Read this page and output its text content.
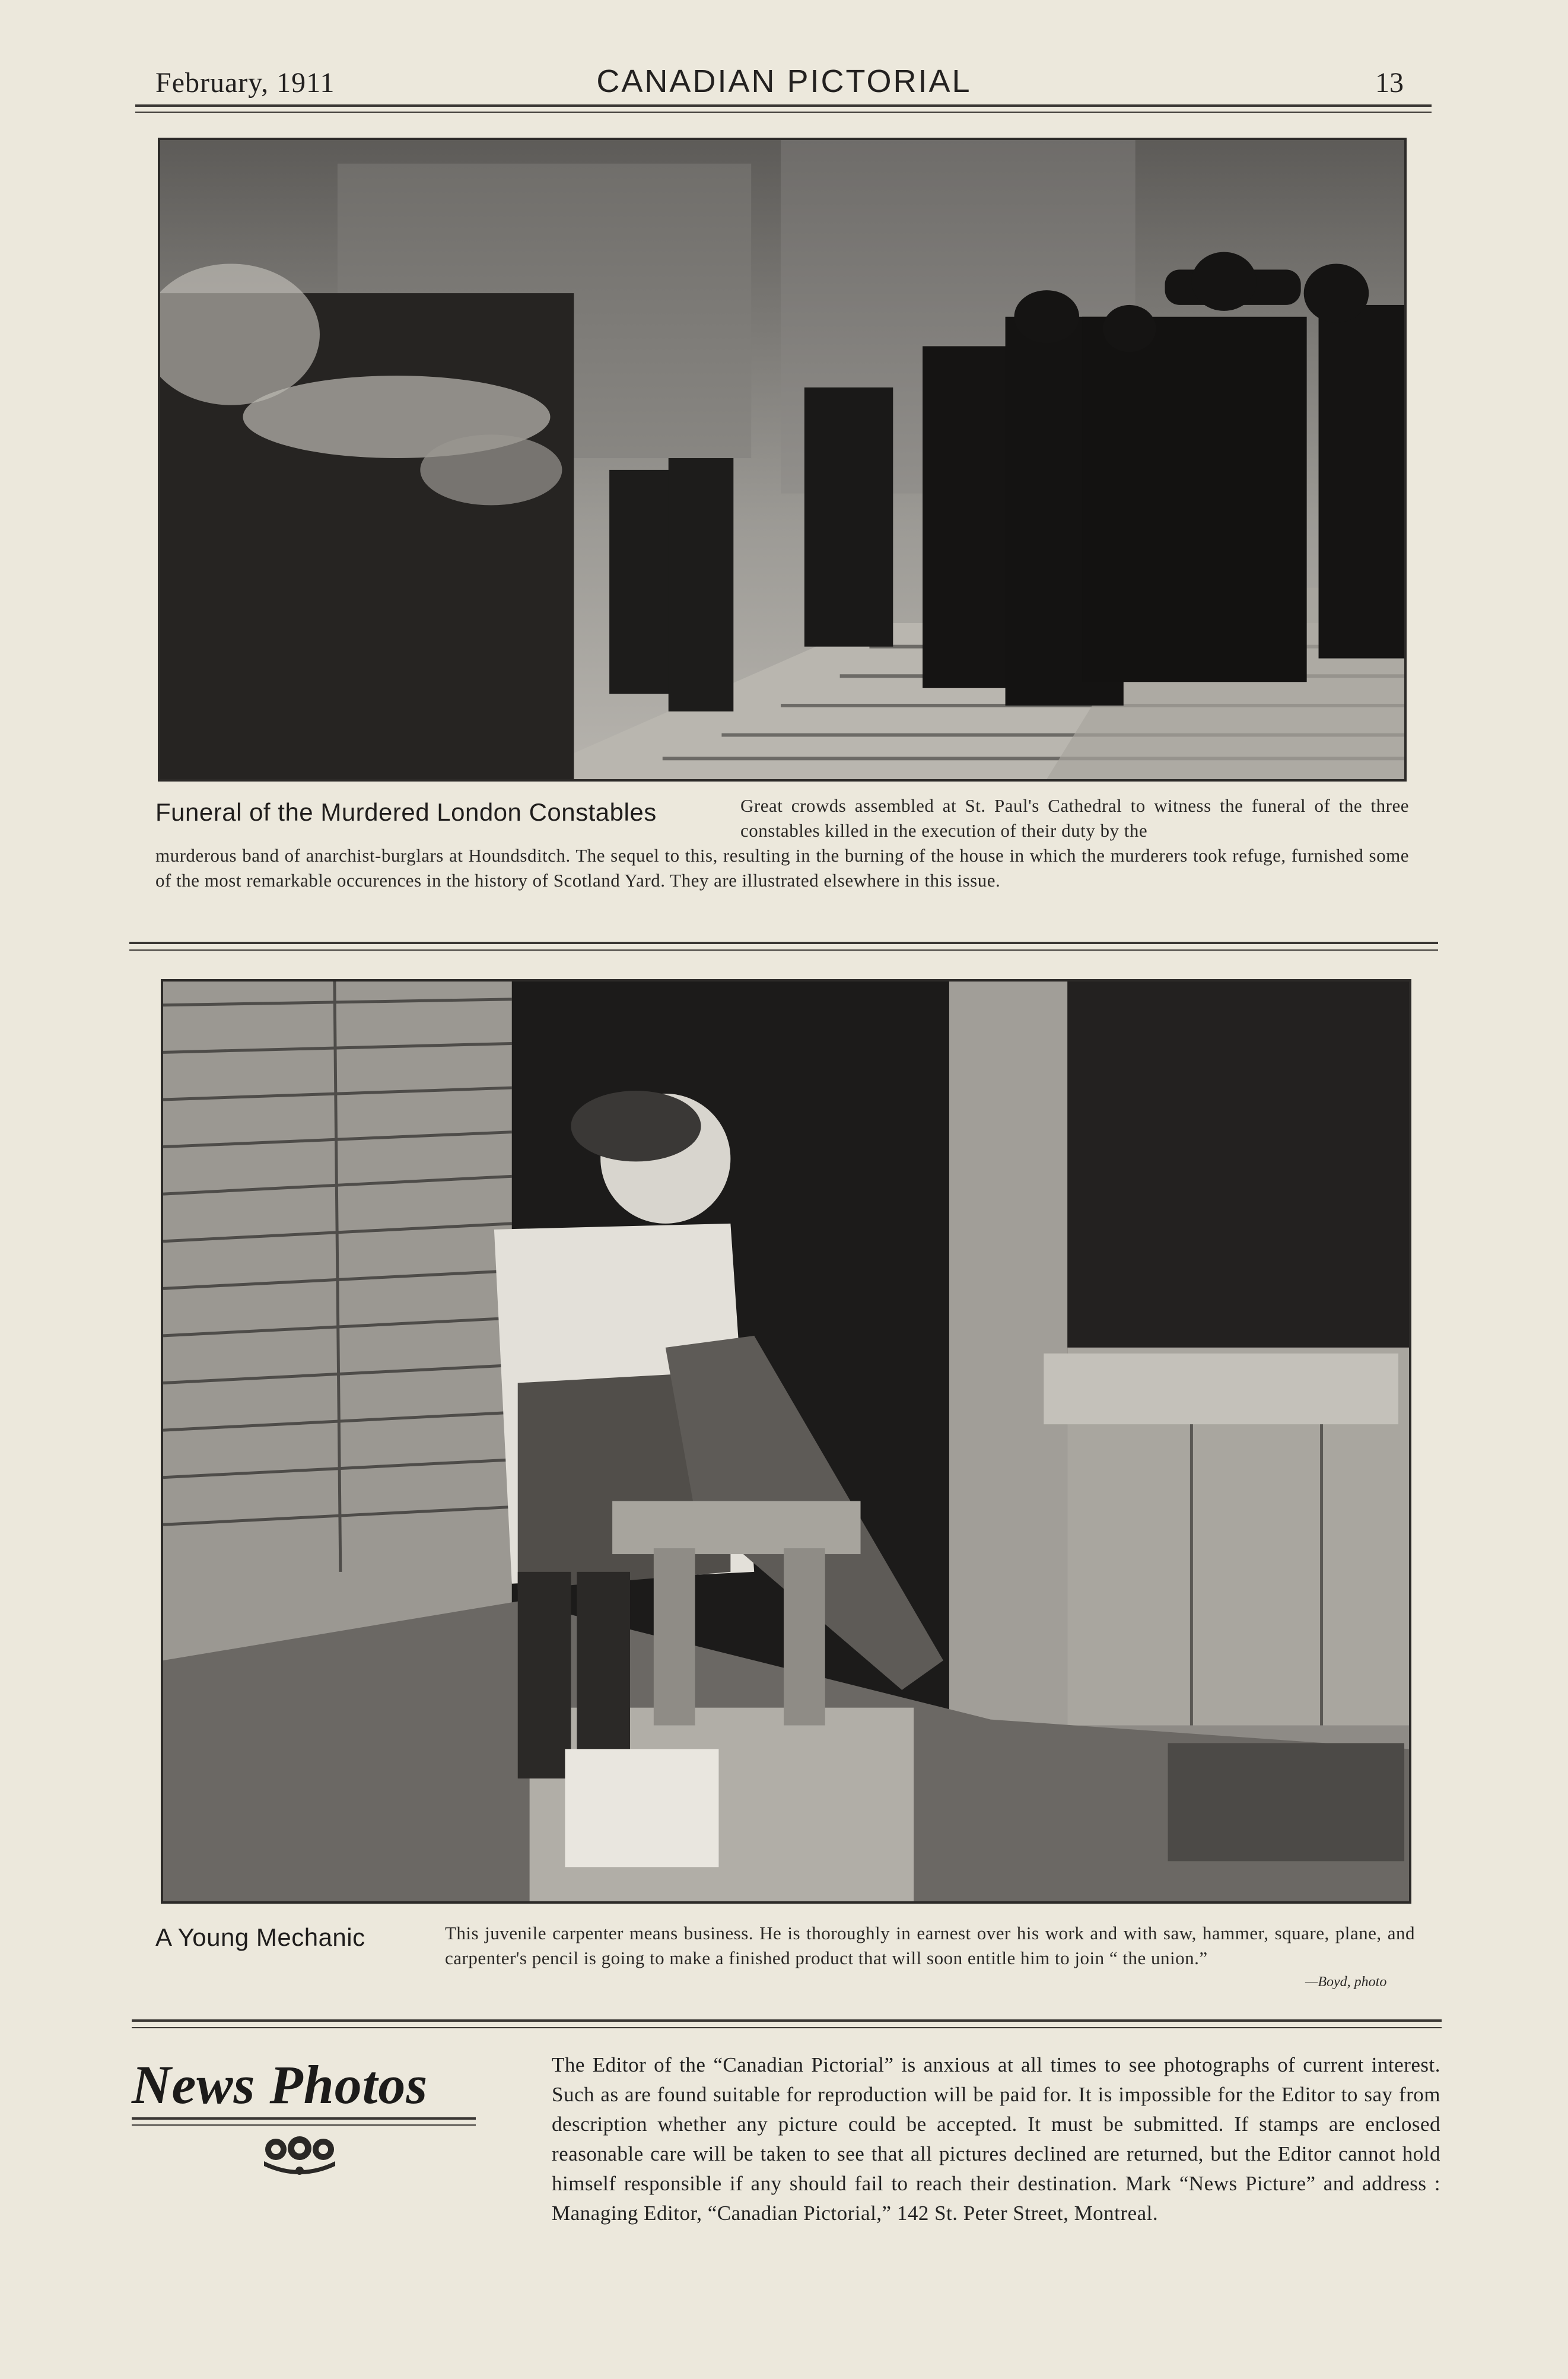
February, 1911	CANADIAN PICTORIAL	13
Funeral of the Murdered London Constables	Great crowds assembled at St. Paul's Cathedral to witness the funeral of the three constables killed in the execution of their duty by the
murderous band of anarchist-burglars at Houndsditch. The sequel to this, resulting in the burning of the house in which the murderers took refuge, furnished some of the most remarkable occurences in the history of Scotland Yard. They are illustrated elsewhere in this issue.
A Young Mechanic	This juvenile carpenter means business. He is thoroughly in earnest over his work and with saw, hammer, square, plane, and carpenter's pencil is going to make a finished product that will soon entitle him to join “ the union.”
—Boyd, photo
News Photos	The Editor of the “Canadian Pictorial” is anxious at all times to see photographs of current interest. Such as are found suitable for reproduction will be paid for. It is impossible for the Editor to say from description whether any picture could be accepted. It must be submitted. If stamps are enclosed reasonable care will be taken to see that all pictures declined are returned, but the Editor cannot hold himself responsible if any should fail to reach their destination. Mark “News Picture” and address : Managing Editor, “Canadian Pictorial,” 142 St. Peter Street, Montreal.
